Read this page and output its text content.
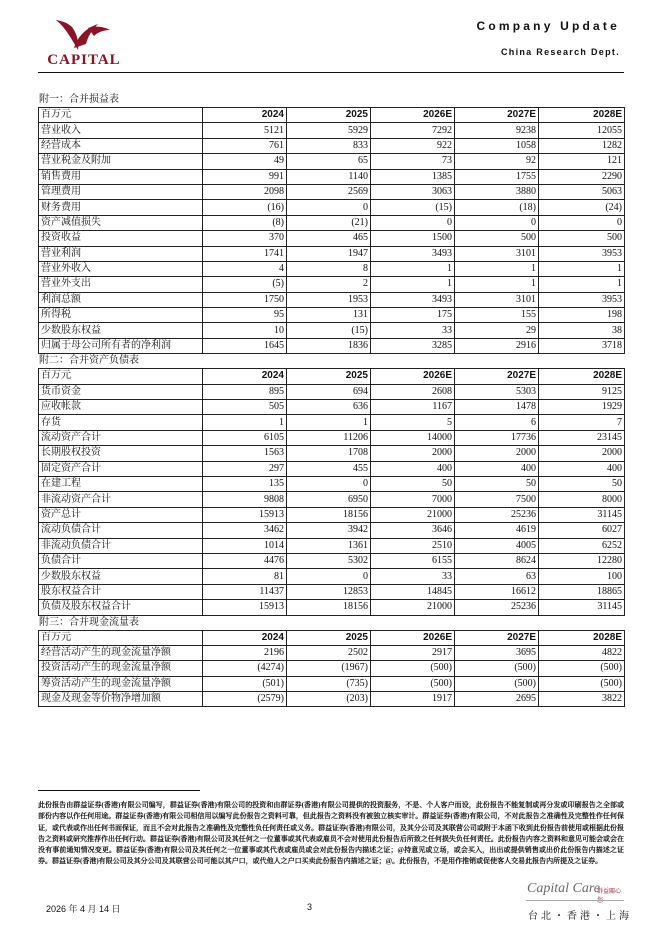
CAPITAL
Company Update
China Research Dept.
附一：合并损益表
百万元	2024	2025	2026E	2027E	2028E
营业收入	5121	5929	7292	9238	12055
经营成本	761	833	922	1058	1282
营业税金及附加	49	65	73	92	121
销售费用	991	1140	1385	1755	2290
管理费用	2098	2569	3063	3880	5063
财务费用	(16)	0	(15)	(18)	(24)
资产减值损失	(8)	(21)	0	0	0
投资收益	370	465	1500	500	500
营业利润	1741	1947	3493	3101	3953
营业外收入	4	8	1	1	1
营业外支出	(5)	2	1	1	1
利润总额	1750	1953	3493	3101	3953
所得税	95	131	175	155	198
少数股东权益	10	(15)	33	29	38
归属于母公司所有者的净利润	1645	1836	3285	2916	3718
附二：合并资产负债表
百万元	2024	2025	2026E	2027E	2028E
货币资金	895	694	2608	5303	9125
应收帐款	505	636	1167	1478	1929
存货	1	1	5	6	7
流动资产合计	6105	11206	14000	17736	23145
长期股权投资	1563	1708	2000	2000	2000
固定资产合计	297	455	400	400	400
在建工程	135	0	50	50	50
非流动资产合计	9808	6950	7000	7500	8000
资产总计	15913	18156	21000	25236	31145
流动负债合计	3462	3942	3646	4619	6027
非流动负债合计	1014	1361	2510	4005	6252
负债合计	4476	5302	6155	8624	12280
少数股东权益	81	0	33	63	100
股东权益合计	11437	12853	14845	16612	18865
负债及股东权益合计	15913	18156	21000	25236	31145
附三：合并现金流量表
百万元	2024	2025	2026E	2027E	2028E
经营活动产生的现金流量净额	2196	2502	2917	3695	4822
投资活动产生的现金流量净额	(4274)	(1967)	(500)	(500)	(500)
筹资活动产生的现金流量净额	(501)	(735)	(500)	(500)	(500)
现金及现金等价物净增加额	(2579)	(203)	1917	2695	3822
此份报告由群益证券(香港)有限公司编写，群益证券(香港)有限公司的投资和由群证券(香港)有限公司提供的投资服务，不是、个人客户而设，此份报告不能复制或再分发或印刷报告之全部或部份内容以作任何用途。群益证券(香港)有限公司相信用以编写此份报告之资料可靠，但此报告之资料没有被独立核实审计。群益证券(香港)有限公司，不对此报告之准确性及完整性作任何保证，或代表或作出任何书面保证，而且不会对此报告之准确性及完整性负任何责任或义务。群益证券(香港)有限公司，及其分公司及其联营公司或附于本函下收到此份报告前使用或根据此份报告之资料或研究推荐作出任何行动。群益证券(香港)有限公司及其任何之一位董事或其代表或雇员不会对使用此份报告后所致之任何损失负任何责任。此份报告内容之资料和意见可能会或会在没有事前通知情况变更。群益证券(香港)有限公司及其任何之一位董事或其代表或雇员或会对此份报告内描述之证；@持意见或立场，或会买入，出出或提供销售或出价此份报告内描述之证券。群益证券(香港)有限公司及其分公司及其联营公司可能以其户口，或代他人之户口买卖此份报告内描述之证；@。此份报告，不是用作推销或促使客人交易此报告内所提及之证券。
Capital Care
群益關心您
台北・香港・上海
2026 年 4 月 14 日	3
